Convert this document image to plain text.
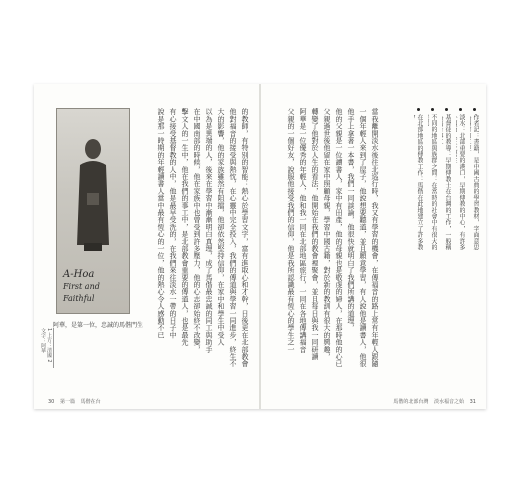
A-Hoa
First and Faithful
阿華，是第一位，忠誠的馬偕門生
1 上方：清國 2 文字：阿華
的教師，有特別的智能：熱心於學習文字，富有進取心和才幹，日後更在北部教會
他對福音的接受與熱忱，在心靈中完全投入，我們的傳道與學習一同進步，終生不
大的影響，他的家族雖然有阻擋，他卻依然堅持信仰，在家中和學生中受人
以為是異端的人，後來在學習中漸漸明白真理，成了馬偕最忠誠的同工與助手
在中國南部的時候，他在家族中也曾受到許多壓力，他的心志卻始終不改變，
擊文人的一生中，他在我們的事工中，是北部教會重要的傳道人，也是最先
有心接受基督教的人中，他是最早受洗的，在我們來往淡水一帶的日子中
說是那一時期的年輕讀書人當中最有恆心的一位，他的熱心令人感動不已
30 第一篇 馬偕在台
當我離開淡水後往北巡行時，我又有學習的機會，在傳福音的路上常有年輕人跟隨
一個年輕人來到了屋子，他說想要聽道，並且願意學習，有人說他是讀書人，他很
他手上拿著一本書，我們一同談論，他很快就明白了我們所講的道理，
他的父親是一位讀書人，家中有田產，他的母親也是敬虔的婦人，在那時他的心已
父親過世後他留在家中照顧母親，學習中國古籍，對於新的教訓有很大的興趣，
轉變了他對於人生的看法，他開始在我們的教會裡聚會，並且每日與我一同研讀
阿華是一位優秀的年輕人，他和我一同在北部地區旅行，一同在各地傳講福音
父親的一個好友，說服他接受我們的信仰，他是我所認識最有恆心的學生之一	作者記：書籍，是中國古典的學習教材，字面意思
淡水：北部重要的港口，早期傳教的中心，有許多
基督徒的教導：早期傳教士在台灣的工作，一般稱
不同的地區與族群之間：在當時的社會中有很大的
在北部地區的傳教工作：馬偕在此地建立了許多教
馬偕的北部台灣 淡水福音之始 31
